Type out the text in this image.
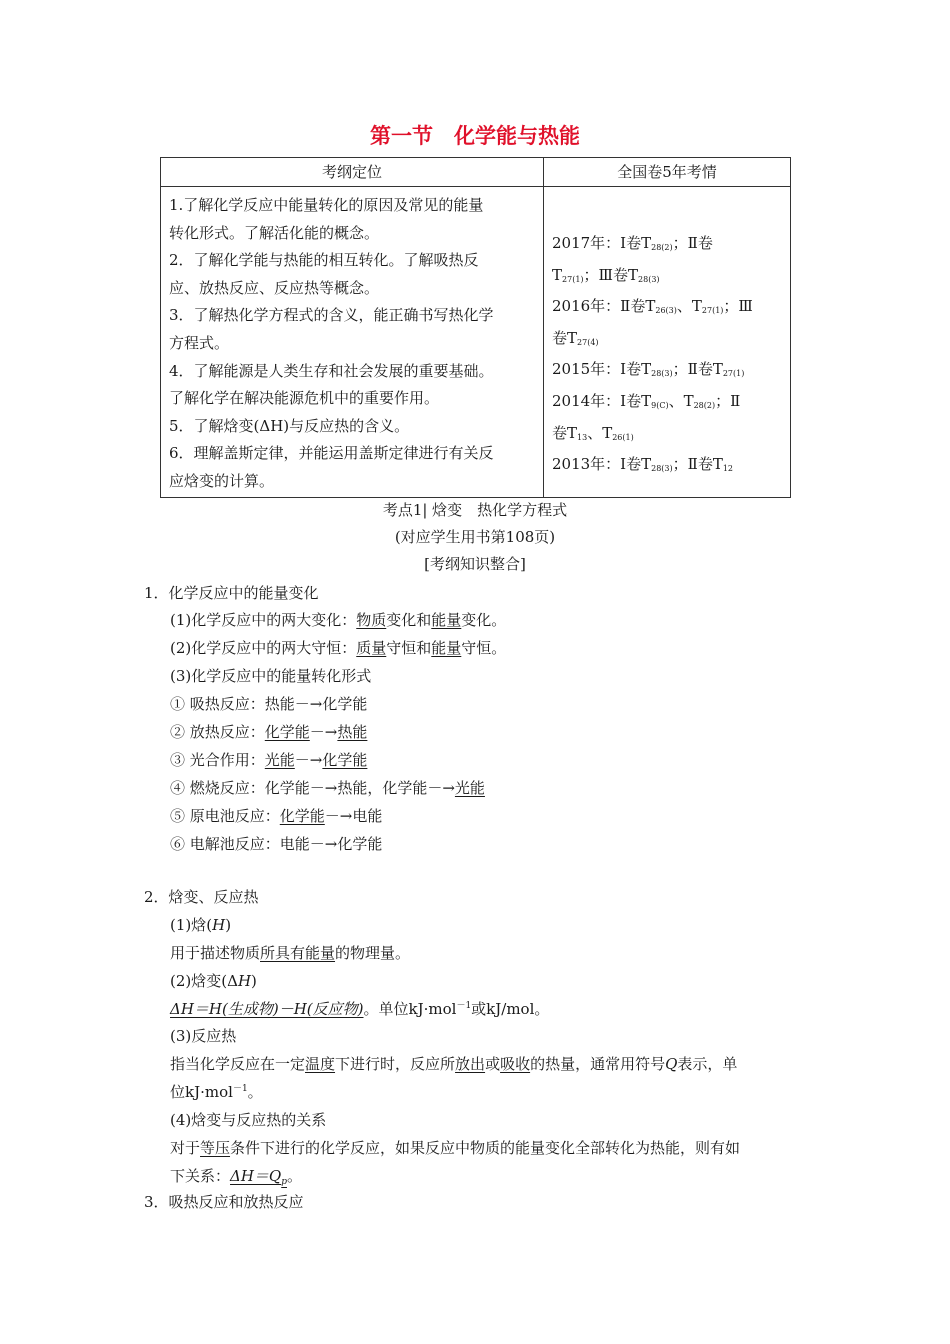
第一节　化学能与热能
考纲定位	全国卷5年考情
1.了解化学反应中能量转化的原因及常见的能量
转化形式。了解活化能的概念。
2．了解化学能与热能的相互转化。了解吸热反
应、放热反应、反应热等概念。
3．了解热化学方程式的含义，能正确书写热化学
方程式。
4．了解能源是人类生存和社会发展的重要基础。
了解化学在解决能源危机中的重要作用。
5．了解焓变(ΔH)与反应热的含义。
6．理解盖斯定律，并能运用盖斯定律进行有关反
应焓变的计算。
2017年：Ⅰ卷$T_{28(2)}$；Ⅱ卷
$T_{27(1)}$；Ⅲ卷$T_{28(3)}$
2016年：Ⅱ卷$T_{26(3)}$、$T_{27(1)}$；Ⅲ
卷$T_{27(4)}$
2015年：Ⅰ卷$T_{28(3)}$；Ⅱ卷$T_{27(1)}$
2014年：Ⅰ卷$T_{9(C)}$、$T_{28(2)}$；Ⅱ
卷$T_{13}$、$T_{26(1)}$
2013年：Ⅰ卷$T_{28(3)}$；Ⅱ卷$T_{12}$
考点1| 焓变　热化学方程式
(对应学生用书第108页)
[考纲知识整合]
1．化学反应中的能量变化
(1)化学反应中的两大变化：物质变化和能量变化。
(2)化学反应中的两大守恒：质量守恒和能量守恒。
(3)化学反应中的能量转化形式
① 吸热反应：热能－→化学能
② 放热反应：化学能－→热能
③ 光合作用：光能－→化学能
④ 燃烧反应：化学能－→热能，化学能－→光能
⑤ 原电池反应：化学能－→电能
⑥ 电解池反应：电能－→化学能
2．焓变、反应热
(1)焓(H)
用于描述物质所具有能量的物理量。
(2)焓变(ΔH)
ΔH＝H(生成物)－H(反应物)。单位kJ·mol$^{-1}$或kJ/mol。
(3)反应热
指当化学反应在一定温度下进行时，反应所放出或吸收的热量，通常用符号Q表示，单
位kJ·mol$^{-1}$。
(4)焓变与反应热的关系
对于等压条件下进行的化学反应，如果反应中物质的能量变化全部转化为热能，则有如
下关系：$\Delta H=Q_p$。
3．吸热反应和放热反应
